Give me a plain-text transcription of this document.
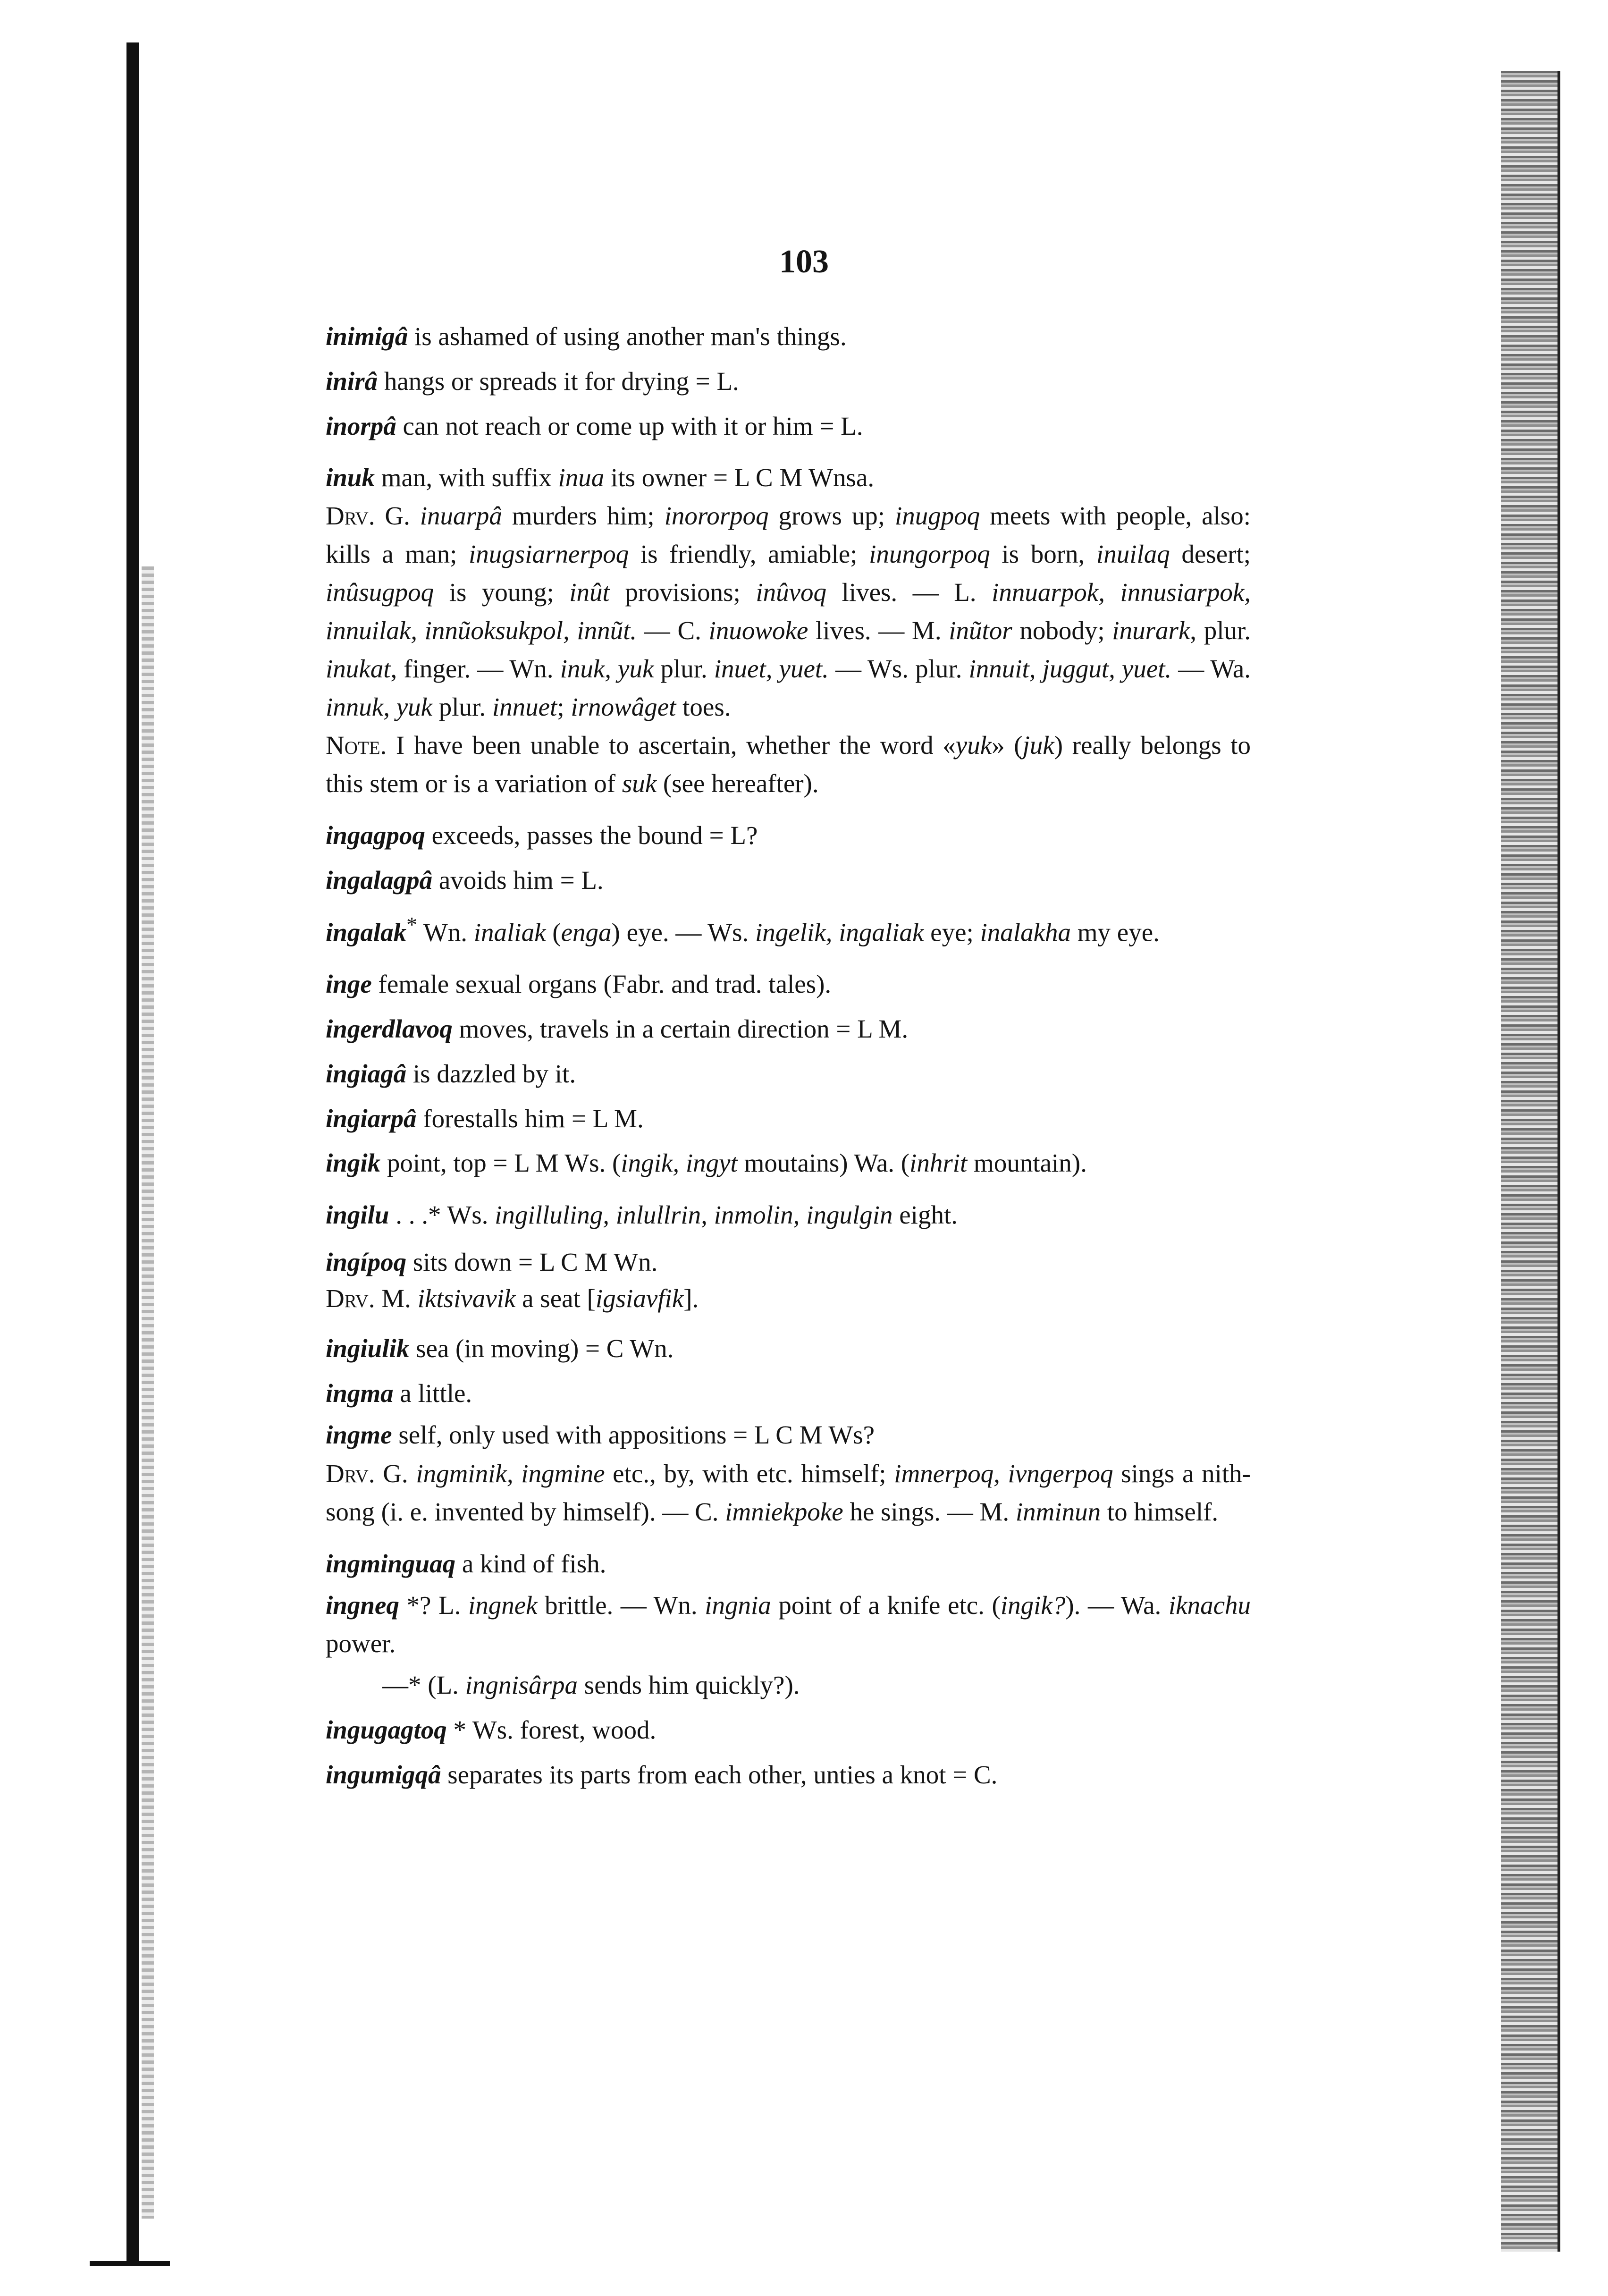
103
inimigâ is ashamed of using another man's things.
inirâ hangs or spreads it for drying = L.
inorpâ can not reach or come up with it or him = L.
inuk man, with suffix inua its owner = L C M Wnsa.
Drv. G. inuarpâ murders him; inororpoq grows up; inugpoq meets with people, also: kills a man; inugsiarnerpoq is friendly, amiable; inungorpoq is born, inuilaq desert; inûsugpoq is young; inût provisions; inûvoq lives. — L. innuarpok, innusiarpok, innuilak, innũoksukpol, innũt. — C. inuowoke lives. — M. inũtor nobody; inurark, plur. inukat, finger. — Wn. inuk, yuk plur. inuet, yuet. — Ws. plur. innuit, juggut, yuet. — Wa. innuk, yuk plur. innuet; irnowâget toes.
Note. I have been unable to ascertain, whether the word «yuk» (juk) really belongs to this stem or is a variation of suk (see hereafter).
ingagpoq exceeds, passes the bound = L?
ingalagpâ avoids him = L.
ingalak* Wn. inaliak (enga) eye. — Ws. ingelik, ingaliak eye; inalakha my eye.
inge female sexual organs (Fabr. and trad. tales).
ingerdlavoq moves, travels in a certain direction = L M.
ingiagâ is dazzled by it.
ingiarpâ forestalls him = L M.
ingik point, top = L M Ws. (ingik, ingyt moutains) Wa. (inhrit mountain).
ingilu . . .* Ws. ingilluling, inlullrin, inmolin, ingulgin eight.
ingípoq sits down = L C M Wn.
Drv. M. iktsivavik a seat [igsiavfik].
ingiulik sea (in moving) = C Wn.
ingma a little.
ingme self, only used with appositions = L C M Ws?
Drv. G. ingminik, ingmine etc., by, with etc. himself; imnerpoq, ivngerpoq sings a nith-song (i. e. invented by himself). — C. imniekpoke he sings. — M. inminun to himself.
ingminguaq a kind of fish.
ingneq *? L. ingnek brittle. — Wn. ingnia point of a knife etc. (ingik?). — Wa. iknachu power.
—* (L. ingnisârpa sends him quickly?).
ingugagtoq * Ws. forest, wood.
ingumigqâ separates its parts from each other, unties a knot = C.
